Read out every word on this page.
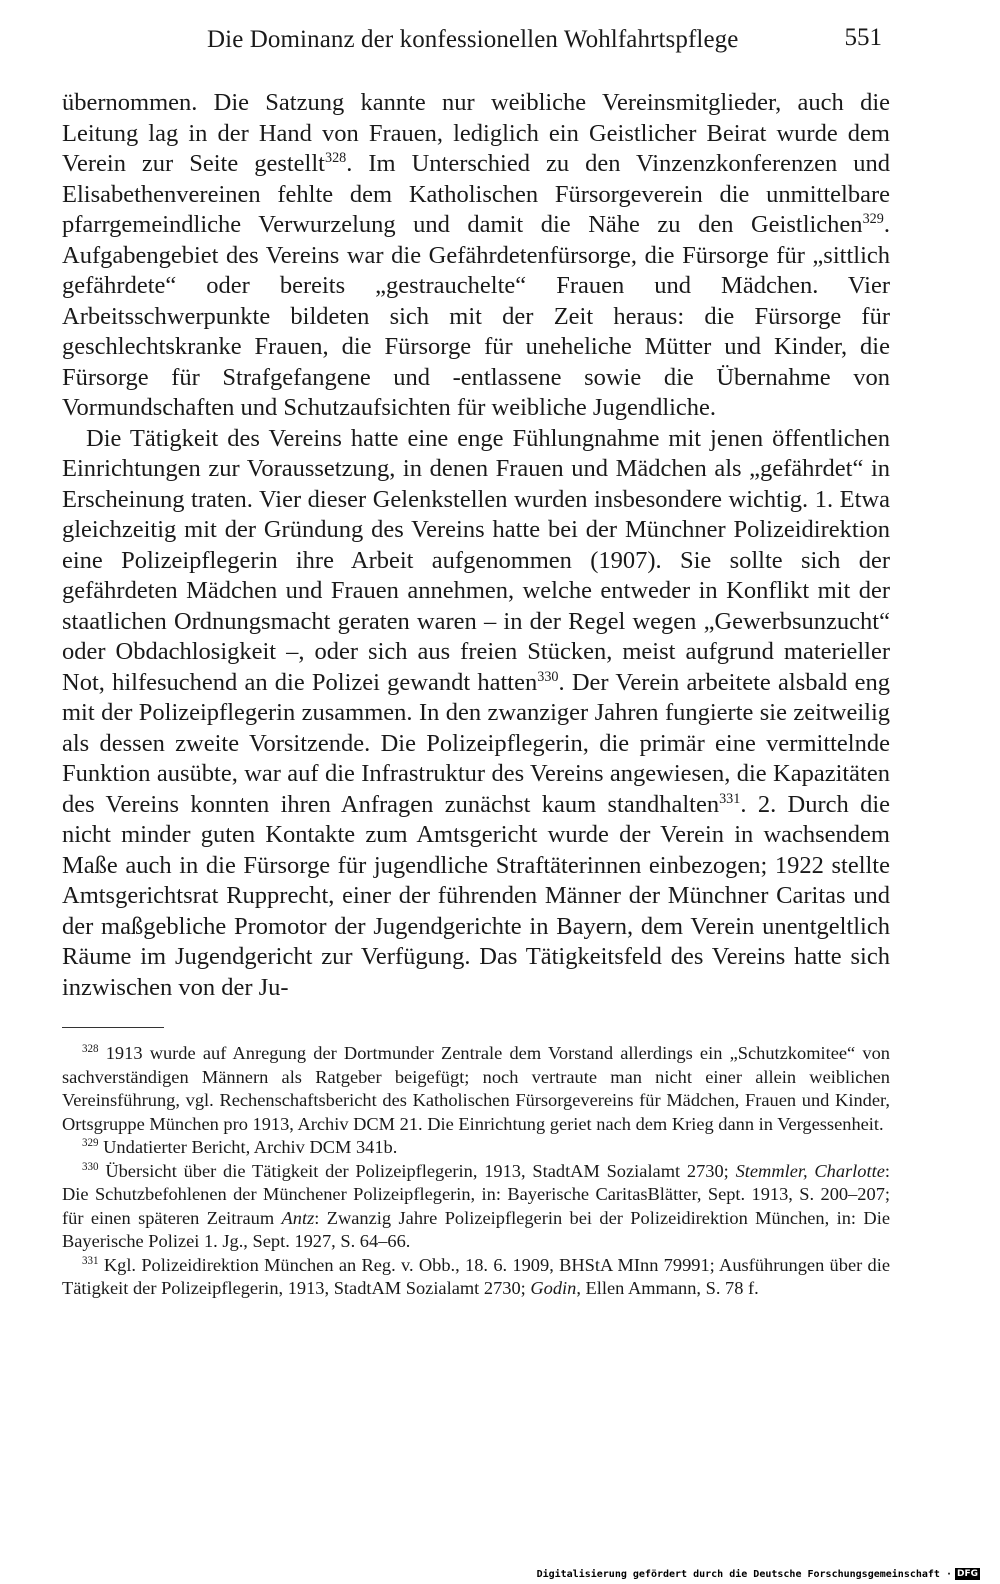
Die Dominanz der konfessionellen Wohlfahrtspflege	551

übernommen. Die Satzung kannte nur weibliche Vereinsmitglieder, auch die Leitung lag in der Hand von Frauen, lediglich ein Geistlicher Beirat wurde dem Verein zur Seite gestellt$^{328}$. Im Unterschied zu den Vinzenzkonferenzen und Elisabethenvereinen fehlte dem Katholischen Fürsorgeverein die unmittelbare pfarrgemeindliche Verwurzelung und damit die Nähe zu den Geistlichen$^{329}$. Aufgabengebiet des Vereins war die Gefährdetenfürsorge, die Fürsorge für „sittlich gefährdete“ oder bereits „gestrauchelte“ Frauen und Mädchen. Vier Arbeitsschwerpunkte bildeten sich mit der Zeit heraus: die Fürsorge für geschlechtskranke Frauen, die Fürsorge für uneheliche Mütter und Kinder, die Fürsorge für Strafgefangene und -entlassene sowie die Übernahme von Vormundschaften und Schutzaufsichten für weibliche Jugendliche.

Die Tätigkeit des Vereins hatte eine enge Fühlungnahme mit jenen öffentlichen Einrichtungen zur Voraussetzung, in denen Frauen und Mädchen als „gefährdet“ in Erscheinung traten. Vier dieser Gelenkstellen wurden insbesondere wichtig. 1. Etwa gleichzeitig mit der Gründung des Vereins hatte bei der Münchner Polizeidirektion eine Polizeipflegerin ihre Arbeit aufgenommen (1907). Sie sollte sich der gefährdeten Mädchen und Frauen annehmen, welche entweder in Konflikt mit der staatlichen Ordnungsmacht geraten waren – in der Regel wegen „Gewerbsunzucht“ oder Obdachlosigkeit –, oder sich aus freien Stücken, meist aufgrund materieller Not, hilfesuchend an die Polizei gewandt hatten$^{330}$. Der Verein arbeitete alsbald eng mit der Polizeipflegerin zusammen. In den zwanziger Jahren fungierte sie zeitweilig als dessen zweite Vorsitzende. Die Polizeipflegerin, die primär eine vermittelnde Funktion ausübte, war auf die Infrastruktur des Vereins angewiesen, die Kapazitäten des Vereins konnten ihren Anfragen zunächst kaum standhalten$^{331}$. 2. Durch die nicht minder guten Kontakte zum Amtsgericht wurde der Verein in wachsendem Maße auch in die Fürsorge für jugendliche Straftäterinnen einbezogen; 1922 stellte Amtsgerichtsrat Rupprecht, einer der führenden Männer der Münchner Caritas und der maßgebliche Promotor der Jugendgerichte in Bayern, dem Verein unentgeltlich Räume im Jugendgericht zur Verfügung. Das Tätigkeitsfeld des Vereins hatte sich inzwischen von der Ju-

$^{328}$ 1913 wurde auf Anregung der Dortmunder Zentrale dem Vorstand allerdings ein „Schutzkomitee“ von sachverständigen Männern als Ratgeber beigefügt; noch vertraute man nicht einer allein weiblichen Vereinsführung, vgl. Rechenschaftsbericht des Katholischen Fürsorgevereins für Mädchen, Frauen und Kinder, Ortsgruppe München pro 1913, Archiv DCM 21. Die Einrichtung geriet nach dem Krieg dann in Vergessenheit.

$^{329}$ Undatierter Bericht, Archiv DCM 341b.

$^{330}$ Übersicht über die Tätigkeit der Polizeipflegerin, 1913, StadtAM Sozialamt 2730; Stemmler, Charlotte: Die Schutzbefohlenen der Münchener Polizeipflegerin, in: Bayerische CaritasBlätter, Sept. 1913, S. 200–207; für einen späteren Zeitraum Antz: Zwanzig Jahre Polizeipflegerin bei der Polizeidirektion München, in: Die Bayerische Polizei 1. Jg., Sept. 1927, S. 64–66.

$^{331}$ Kgl. Polizeidirektion München an Reg. v. Obb., 18. 6. 1909, BHStA MInn 79991; Ausführungen über die Tätigkeit der Polizeipflegerin, 1913, StadtAM Sozialamt 2730; Godin, Ellen Ammann, S. 78 f.

Digitalisierung gefördert durch die Deutsche Forschungsgemeinschaft · DFG
